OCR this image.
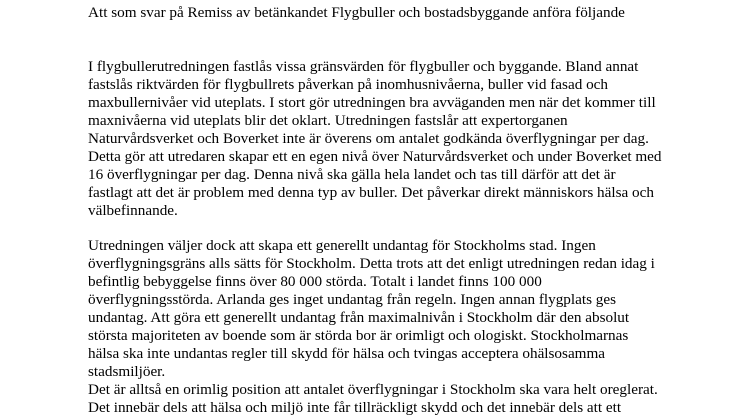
Att som svar på Remiss av betänkandet Flygbuller och bostadsbyggande anföra följande

I flygbullerutredningen fastlås vissa gränsvärden för flygbuller och byggande. Bland annat

fastslås riktvärden för flygbullrets påverkan på inomhusnivåerna, buller vid fasad och

maxbullernivåer vid uteplats. I stort gör utredningen bra avväganden men när det kommer till

maxnivåerna vid uteplats blir det oklart. Utredningen fastslår att expertorganen

Naturvårdsverket och Boverket inte är överens om antalet godkända överflygningar per dag.

Detta gör att utredaren skapar ett en egen nivå över Naturvårdsverket och under Boverket med

16 överflygningar per dag. Denna nivå ska gälla hela landet och tas till därför att det är

fastlagt att det är problem med denna typ av buller. Det påverkar direkt människors hälsa och

välbefinnande.

Utredningen väljer dock att skapa ett generellt undantag för Stockholms stad. Ingen

överflygningsgräns alls sätts för Stockholm. Detta trots att det enligt utredningen redan idag i

befintlig bebyggelse finns över 80 000 störda. Totalt i landet finns 100 000

överflygningsstörda. Arlanda ges inget undantag från regeln. Ingen annan flygplats ges

undantag. Att göra ett generellt undantag från maximalnivån i Stockholm där den absolut

största majoriteten av boende som är störda bor är orimligt och ologiskt. Stockholmarnas

hälsa ska inte undantas regler till skydd för hälsa och tvingas acceptera ohälsosamma

stadsmiljöer.

Det är alltså en orimlig position att antalet överflygningar i Stockholm ska vara helt oreglerat.

Det innebär dels att hälsa och miljö inte får tillräckligt skydd och det innebär dels att ett
